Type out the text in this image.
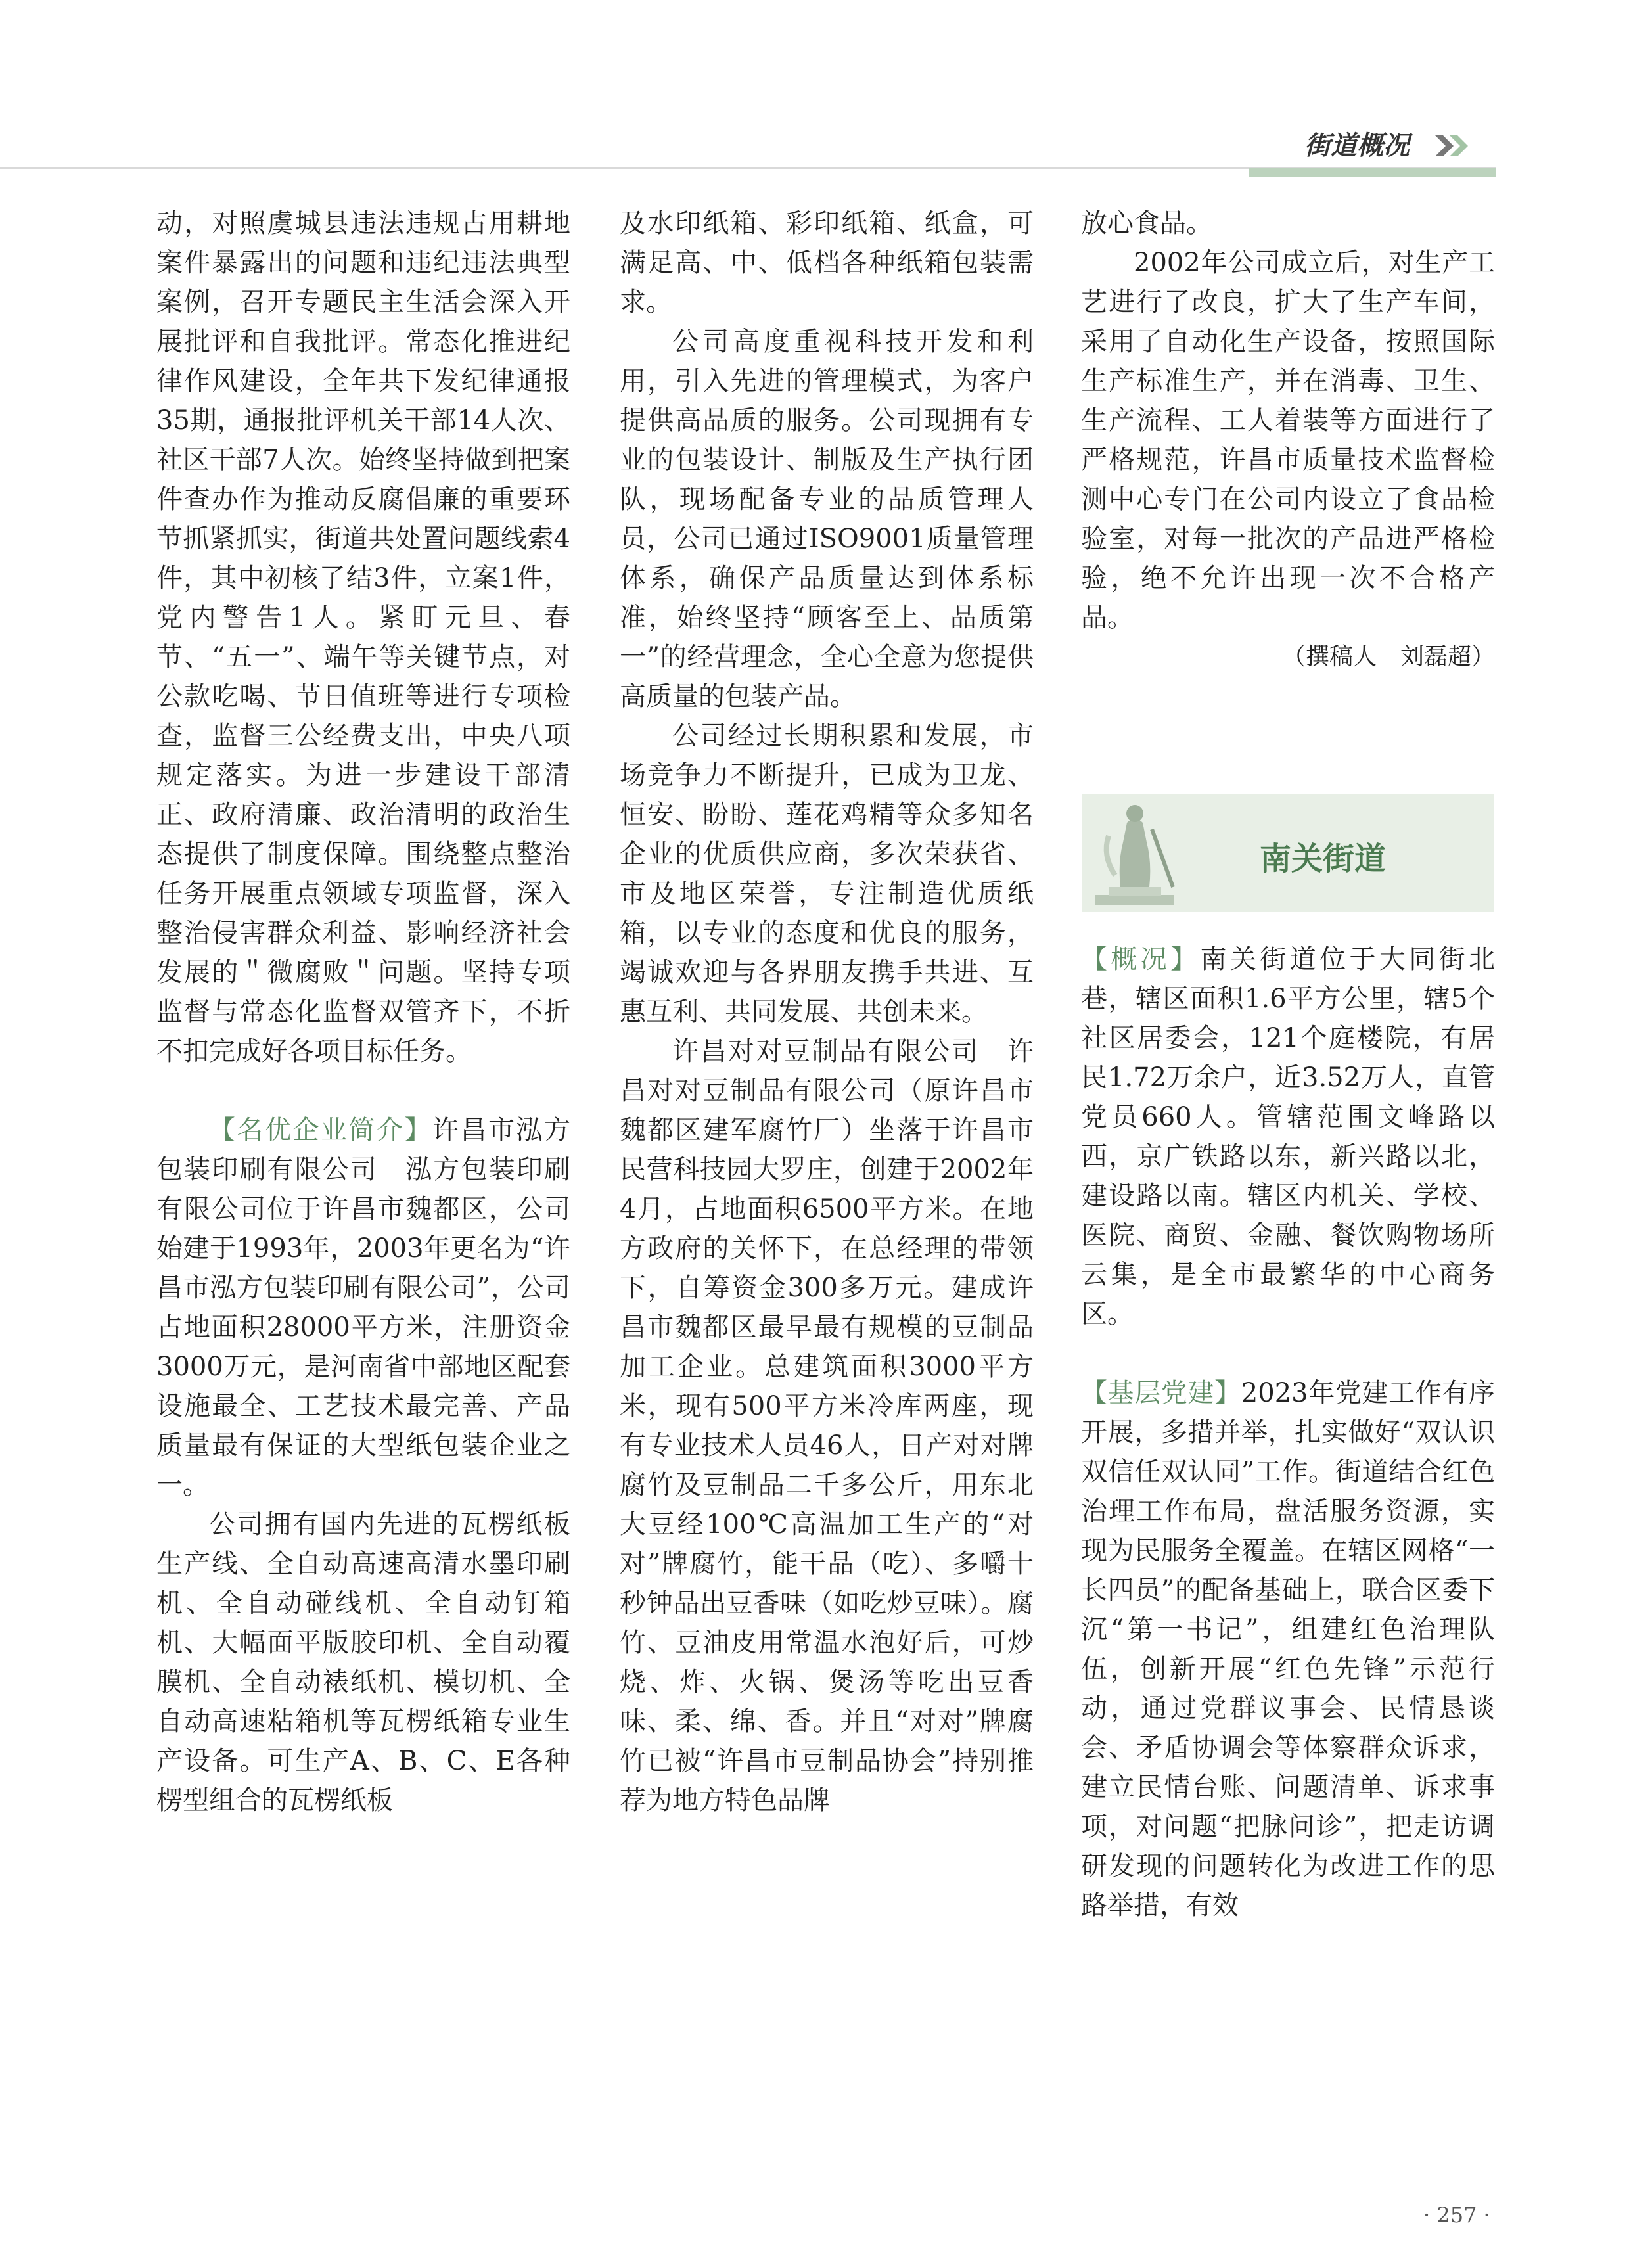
街道概况

动，对照虞城县违法违规占用耕地案件暴露出的问题和违纪违法典型案例，召开专题民主生活会深入开展批评和自我批评。常态化推进纪律作风建设，全年共下发纪律通报35期，通报批评机关干部14人次、社区干部7人次。始终坚持做到把案件查办作为推动反腐倡廉的重要环节抓紧抓实，街道共处置问题线索4件，其中初核了结3件，立案1件，党内警告1人。紧盯元旦、春节、“五一”、端午等关键节点，对公款吃喝、节日值班等进行专项检查，监督三公经费支出，中央八项规定落实。为进一步建设干部清正、政府清廉、政治清明的政治生态提供了制度保障。围绕整点整治任务开展重点领域专项监督，深入整治侵害群众利益、影响经济社会发展的＂微腐败＂问题。坚持专项监督与常态化监督双管齐下，不折不扣完成好各项目标任务。

【名优企业简介】许昌市泓方包装印刷有限公司　泓方包装印刷有限公司位于许昌市魏都区，公司始建于1993年，2003年更名为“许昌市泓方包装印刷有限公司”，公司占地面积28000平方米，注册资金3000万元，是河南省中部地区配套设施最全、工艺技术最完善、产品质量最有保证的大型纸包装企业之一。

公司拥有国内先进的瓦楞纸板生产线、全自动高速高清水墨印刷机、全自动碰线机、全自动钉箱机、大幅面平版胶印机、全自动覆膜机、全自动裱纸机、模切机、全自动高速粘箱机等瓦楞纸箱专业生产设备。可生产A、B、C、E各种楞型组合的瓦楞纸板

及水印纸箱、彩印纸箱、纸盒，可满足高、中、低档各种纸箱包装需求。

公司高度重视科技开发和利用，引入先进的管理模式，为客户提供高品质的服务。公司现拥有专业的包装设计、制版及生产执行团队，现场配备专业的品质管理人员，公司已通过ISO9001质量管理体系，确保产品质量达到体系标准，始终坚持“顾客至上、品质第一”的经营理念，全心全意为您提供高质量的包装产品。

公司经过长期积累和发展，市场竞争力不断提升，已成为卫龙、恒安、盼盼、莲花鸡精等众多知名企业的优质供应商，多次荣获省、市及地区荣誉，专注制造优质纸箱，以专业的态度和优良的服务，竭诚欢迎与各界朋友携手共进、互惠互利、共同发展、共创未来。

许昌对对豆制品有限公司　许昌对对豆制品有限公司（原许昌市魏都区建军腐竹厂）坐落于许昌市民营科技园大罗庄，创建于2002年4月，占地面积6500平方米。在地方政府的关怀下，在总经理的带领下，自筹资金300多万元。建成许昌市魏都区最早最有规模的豆制品加工企业。总建筑面积3000平方米，现有500平方米冷库两座，现有专业技术人员46人，日产对对牌腐竹及豆制品二千多公斤，用东北大豆经100℃高温加工生产的“对对”牌腐竹，能干品（吃）、多嚼十秒钟品出豆香味（如吃炒豆味）。腐竹、豆油皮用常温水泡好后，可炒烧、炸、火锅、煲汤等吃出豆香味、柔、绵、香。并且“对对”牌腐竹已被“许昌市豆制品协会”持别推荐为地方特色品牌

放心食品。

2002年公司成立后，对生产工艺进行了改良，扩大了生产车间，采用了自动化生产设备，按照国际生产标准生产，并在消毒、卫生、生产流程、工人着装等方面进行了严格规范，许昌市质量技术监督检测中心专门在公司内设立了食品检验室，对每一批次的产品进严格检验，绝不允许出现一次不合格产品。

（撰稿人　刘磊超）

南关街道

【概况】南关街道位于大同街北巷，辖区面积1.6平方公里，辖5个社区居委会，121个庭楼院，有居民1.72万余户，近3.52万人，直管党员660人。管辖范围文峰路以西，京广铁路以东，新兴路以北，建设路以南。辖区内机关、学校、医院、商贸、金融、餐饮购物场所云集，是全市最繁华的中心商务区。

【基层党建】2023年党建工作有序开展，多措并举，扎实做好“双认识双信任双认同”工作。街道结合红色治理工作布局，盘活服务资源，实现为民服务全覆盖。在辖区网格“一长四员”的配备基础上，联合区委下沉“第一书记”，组建红色治理队伍，创新开展“红色先锋”示范行动，通过党群议事会、民情恳谈会、矛盾协调会等体察群众诉求，建立民情台账、问题清单、诉求事项，对问题“把脉问诊”，把走访调研发现的问题转化为改进工作的思路举措，有效

· 257 ·
